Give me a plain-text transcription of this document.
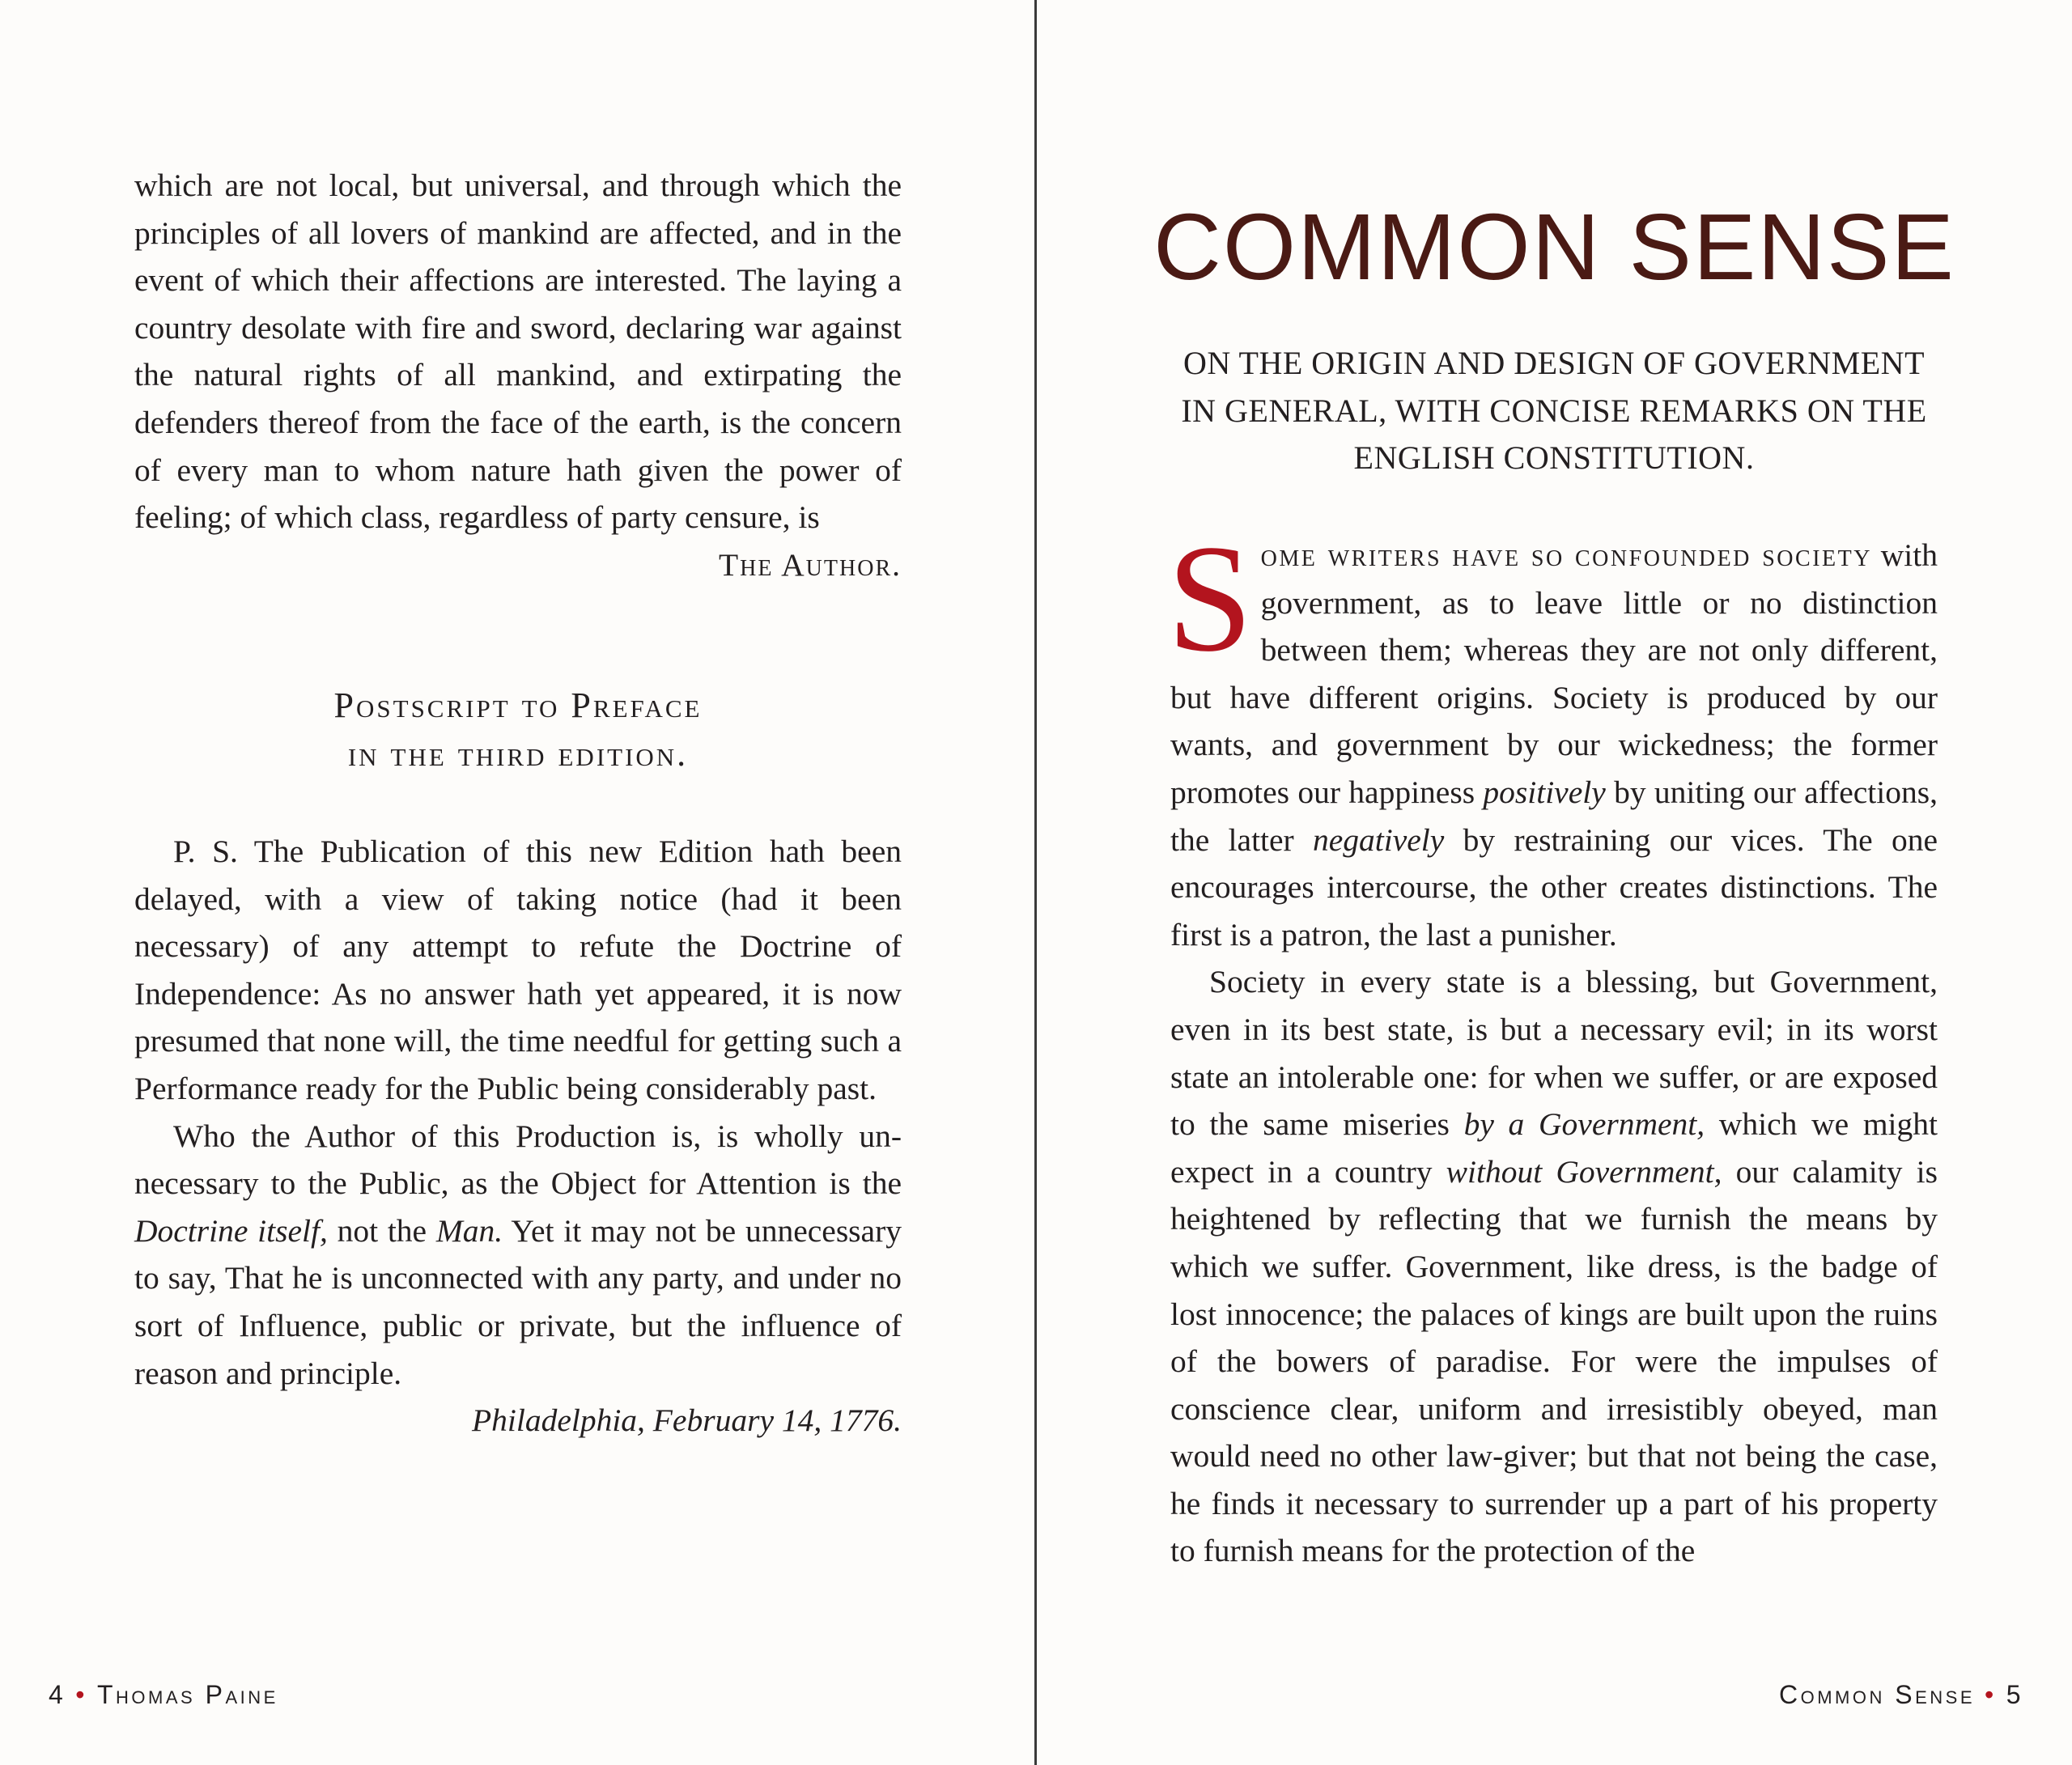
which are not local, but universal, and through which the principles of all lovers of mankind are affected, and in the event of which their affections are interested. The laying a country desolate with fire and sword, declaring war against the natural rights of all mankind, and extirpating the defenders thereof from the face of the earth, is the concern of every man to whom nature hath given the power of feeling; of which class, regardless of party censure, is

The Author.

Postscript to Preface

in the third edition.

P. S. The Publication of this new Edition hath been delayed, with a view of taking notice (had it been necessary) of any attempt to refute the Doctrine of Independence: As no answer hath yet appeared, it is now presumed that none will, the time needful for getting such a Performance ready for the Public being considerably past.

Who the Author of this Production is, is wholly unnecessary to the Public, as the Object for Attention is the Doctrine itself, not the Man. Yet it may not be unnecessary to say, That he is unconnected with any party, and under no sort of Influence, public or private, but the influence of reason and principle.

Philadelphia, February 14, 1776.

4 • Thomas Paine
COMMON SENSE

ON THE ORIGIN AND DESIGN OF GOVERNMENT IN GENERAL, WITH CONCISE REMARKS ON THE ENGLISH CONSTITUTION.

Some writers have so confounded society with government, as to leave little or no distinction between them; whereas they are not only different, but have different origins. Society is produced by our wants, and government by our wickedness; the former promotes our happiness positively by uniting our affections, the latter negatively by restraining our vices. The one encourages intercourse, the other creates distinctions. The first is a patron, the last a punisher.

Society in every state is a blessing, but Government, even in its best state, is but a necessary evil; in its worst state an intolerable one: for when we suffer, or are exposed to the same miseries by a Government, which we might expect in a country without Government, our calamity is heightened by reflecting that we furnish the means by which we suffer. Government, like dress, is the badge of lost innocence; the palaces of kings are built upon the ruins of the bowers of paradise. For were the impulses of conscience clear, uniform and irresistibly obeyed, man would need no other law-giver; but that not being the case, he finds it necessary to surrender up a part of his property to furnish means for the protection of the

Common Sense • 5
